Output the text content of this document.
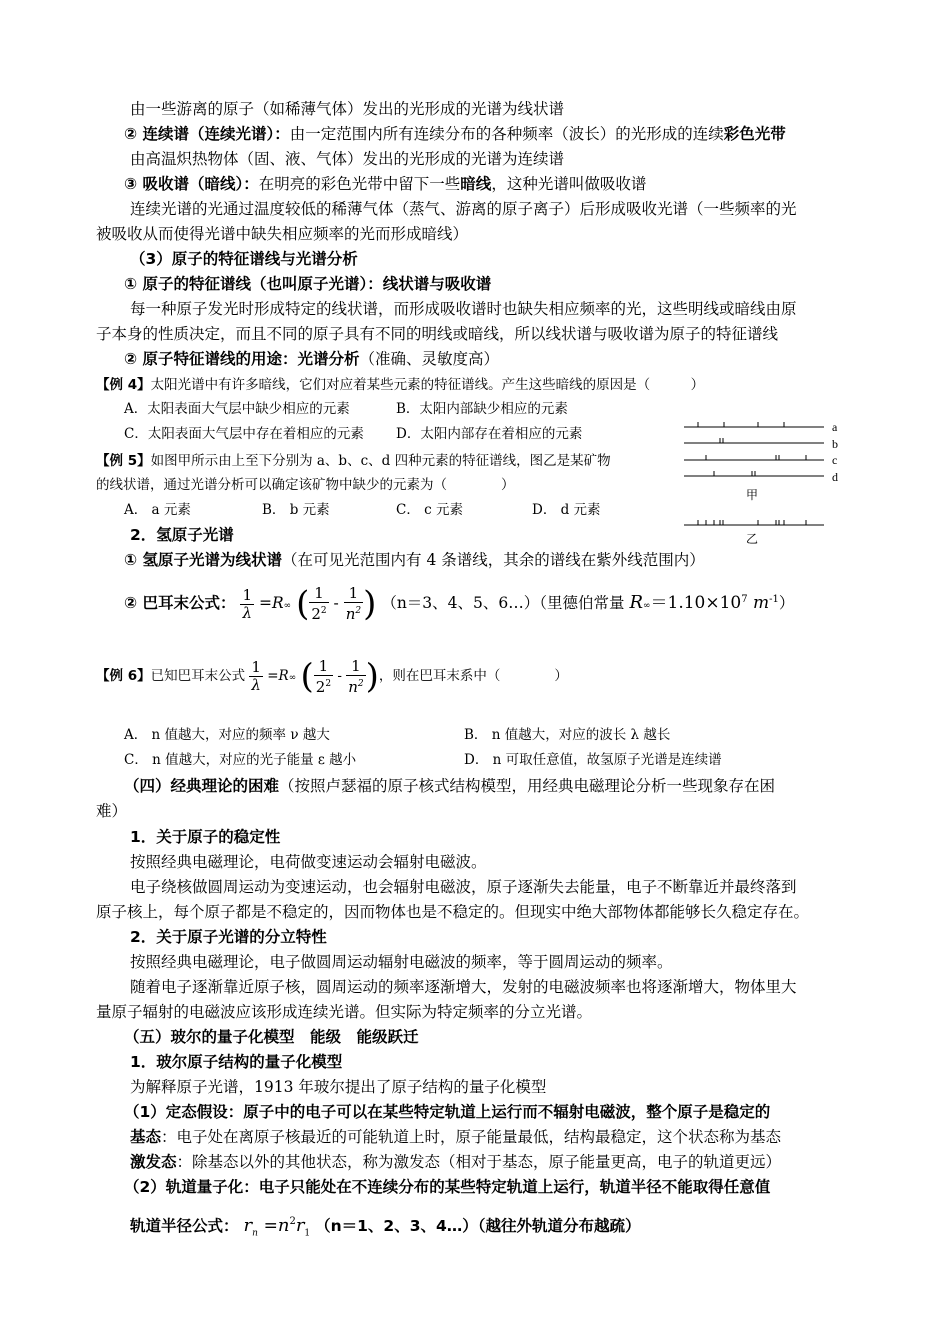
由一些游离的原子（如稀薄气体）发出的光形成的光谱为线状谱
② 连续谱（连续光谱）：由一定范围内所有连续分布的各种频率（波长）的光形成的连续彩色光带
由高温炽热物体（固、液、气体）发出的光形成的光谱为连续谱
③ 吸收谱（暗线）：在明亮的彩色光带中留下一些暗线，这种光谱叫做吸收谱
连续光谱的光通过温度较低的稀薄气体（蒸气、游离的原子离子）后形成吸收光谱（一些频率的光
被吸收从而使得光谱中缺失相应频率的光而形成暗线）
（3）原子的特征谱线与光谱分析
① 原子的特征谱线（也叫原子光谱）：线状谱与吸收谱
每一种原子发光时形成特定的线状谱，而形成吸收谱时也缺失相应频率的光，这些明线或暗线由原
子本身的性质决定，而且不同的原子具有不同的明线或暗线，所以线状谱与吸收谱为原子的特征谱线
② 原子特征谱线的用途：光谱分析（准确、灵敏度高）
【例 4】太阳光谱中有许多暗线，它们对应着某些元素的特征谱线。产生这些暗线的原因是（　　　）
A．太阳表面大气层中缺少相应的元素	B．太阳内部缺少相应的元素
C．太阳表面大气层中存在着相应的元素 D．太阳内部存在着相应的元素	a
b
c
d
甲
乙
【例 5】如图甲所示由上至下分别为 a、b、c、d 四种元素的特征谱线，图乙是某矿物
的线状谱，通过光谱分析可以确定该矿物中缺少的元素为（　　　　）
A． a 元素	B． b 元素	C． c 元素	D． d 元素
2．氢原子光谱
① 氢原子光谱为线状谱（在可见光范围内有 4 条谱线，其余的谱线在紫外线范围内）
② 巴耳末公式： $\frac{1}{\lambda} =R\infty$ ( $\frac{1}{2^2} - \frac{1}{n^2}$ ) （n＝3、4、5、6…）（里德伯常量 $R\infty=1.10\times 10^7$ $m^{-1}$）
【例 6】已知巴耳末公式 $\frac{1}{\lambda} =R\infty$ ( $\frac{1}{2^2} - \frac{1}{n^2}$ )，则在巴耳末系中（　　　　）
A． n 值越大，对应的频率 ν 越大	B． n 值越大，对应的波长 λ 越长
C． n 值越大，对应的光子能量 ε 越小	D． n 可取任意值，故氢原子光谱是连续谱
（四）经典理论的困难（按照卢瑟福的原子核式结构模型，用经典电磁理论分析一些现象存在困
难）
1．关于原子的稳定性
按照经典电磁理论，电荷做变速运动会辐射电磁波。
电子绕核做圆周运动为变速运动，也会辐射电磁波，原子逐渐失去能量，电子不断靠近并最终落到
原子核上，每个原子都是不稳定的，因而物体也是不稳定的。但现实中绝大部物体都能够长久稳定存在。
2．关于原子光谱的分立特性
按照经典电磁理论，电子做圆周运动辐射电磁波的频率，等于圆周运动的频率。
随着电子逐渐靠近原子核，圆周运动的频率逐渐增大，发射的电磁波频率也将逐渐增大，物体里大
量原子辐射的电磁波应该形成连续光谱。但实际为特定频率的分立光谱。
（五）玻尔的量子化模型　能级　能级跃迁
1．玻尔原子结构的量子化模型
为解释原子光谱，1913 年玻尔提出了原子结构的量子化模型
（1）定态假设：原子中的电子可以在某些特定轨道上运行而不辐射电磁波，整个原子是稳定的
基态：电子处在离原子核最近的可能轨道上时，原子能量最低，结构最稳定，这个状态称为基态
激发态：除基态以外的其他状态，称为激发态（相对于基态，原子能量更高，电子的轨道更远）
（2）轨道量子化：电子只能处在不连续分布的某些特定轨道上运行，轨道半径不能取得任意值
轨道半径公式： $r_n =n^2r_1$ （n＝1、2、3、4…）（越往外轨道分布越疏）
